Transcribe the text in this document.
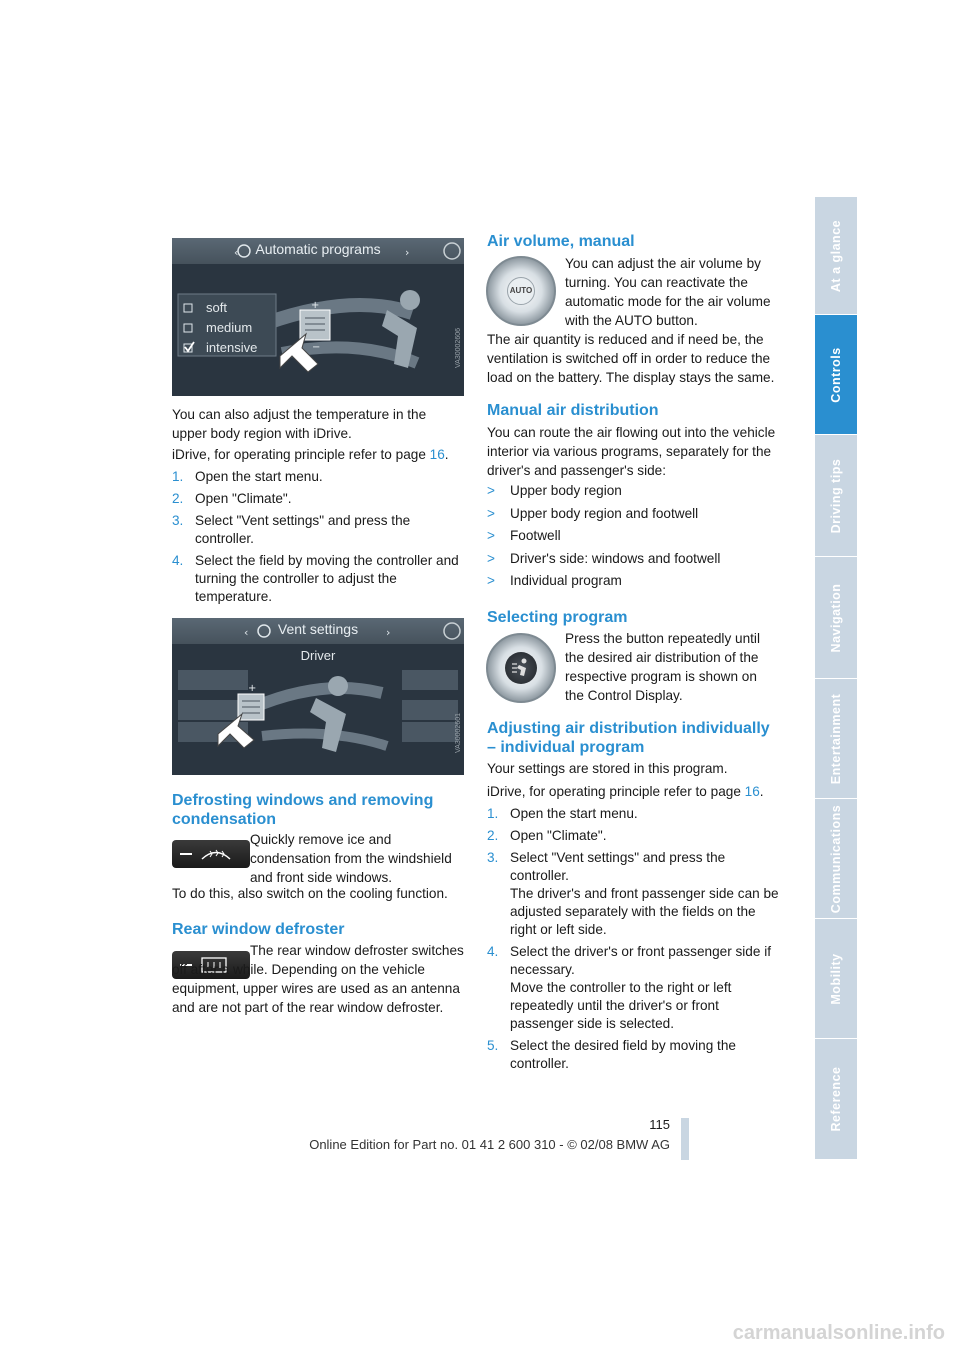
At a glance
Controls
Driving tips
Navigation
Entertainment
Communications
Mobility
Reference
Automatic programs
‹	›
+
−
soft
medium
intensive	VA30002606

You can also adjust the temperature in the upper body region with iDrive.

iDrive, for operating principle refer to page 16.

1. Open the start menu.
2. Open "Climate".
3. Select "Vent settings" and press the controller.
4. Select the field by moving the controller and turning the controller to adjust the temperature.
Vent settings
Driver
‹	›
+
VA30002601
Defrosting windows and removing condensation

Quickly remove ice and condensation from the windshield and front side windows.

To do this, also switch on the cooling function.

Rear window defroster

The rear window defroster switches off after a while. Depending on the vehicle equipment, upper wires are used as an antenna and are not part of the rear window defroster.

Air volume, manual
AUTO

You can adjust the air volume by turning. You can reactivate the automatic mode for the air volume with the AUTO button.

The air quantity is reduced and if need be, the ventilation is switched off in order to reduce the load on the battery. The display stays the same.

Manual air distribution

You can route the air flowing out into the vehicle interior via various programs, separately for the driver's and passenger's side:

> Upper body region
> Upper body region and footwell
> Footwell
> Driver's side: windows and footwell
> Individual program
Selecting program

Press the button repeatedly until the desired air distribution of the respective program is shown on the Control Display.

Adjusting air distribution individually – individual program

Your settings are stored in this program.

iDrive, for operating principle refer to page 16.

1. Open the start menu.
2. Open "Climate".
3. Select "Vent settings" and press the controller.
The driver's and front passenger side can be adjusted separately with the fields on the right or left side.
4. Select the driver's or front passenger side if necessary.
Move the controller to the right or left repeatedly until the driver's or front passenger side is selected.
5. Select the desired field by moving the controller.
115
Online Edition for Part no. 01 41 2 600 310 - © 02/08 BMW AG
carmanualsonline.info
